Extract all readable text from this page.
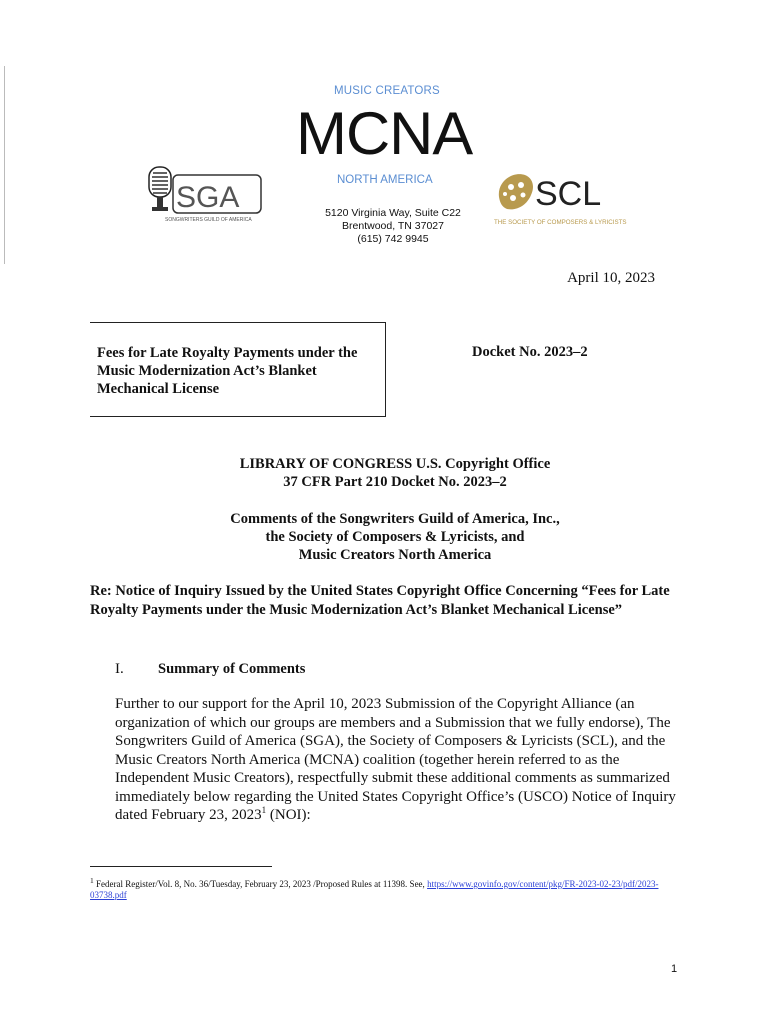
MUSIC CREATORS
MCNA
NORTH AMERICA
5120 Virginia Way, Suite C22
Brentwood, TN 37027
(615) 742 9945
SGA
SONGWRITERS GUILD OF AMERICA
SCL
THE SOCIETY OF COMPOSERS & LYRICISTS
April 10, 2023
Fees for Late Royalty Payments under the Music Modernization Act’s Blanket Mechanical License
Docket No. 2023–2
LIBRARY OF CONGRESS U.S. Copyright Office
37 CFR Part 210 Docket No. 2023–2
Comments of the Songwriters Guild of America, Inc.,
the Society of Composers & Lyricists, and
Music Creators North America
Re: Notice of Inquiry Issued by the United States Copyright Office Concerning “Fees for Late Royalty Payments under the Music Modernization Act’s Blanket Mechanical License”
I. Summary of Comments
Further to our support for the April 10, 2023 Submission of the Copyright Alliance (an organization of which our groups are members and a Submission that we fully endorse), The Songwriters Guild of America (SGA), the Society of Composers & Lyricists (SCL), and the Music Creators North America (MCNA) coalition (together herein referred to as the Independent Music Creators), respectfully submit these additional comments as summarized immediately below regarding the United States Copyright Office’s (USCO) Notice of Inquiry dated February 23, 2023$^1$ (NOI):
$^1$ Federal Register/Vol. 8, No. 36/Tuesday, February 23, 2023 /Proposed Rules at 11398. See, https://www.govinfo.gov/content/pkg/FR-2023-02-23/pdf/2023-03738.pdf
1
